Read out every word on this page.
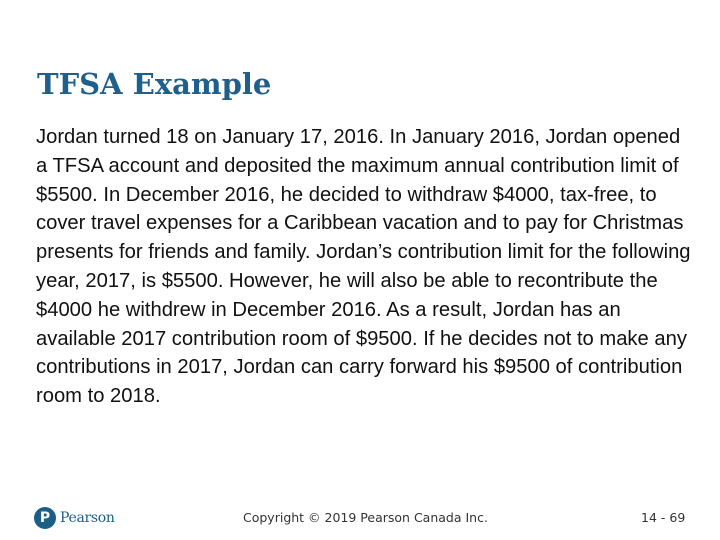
TFSA Example

Jordan turned 18 on January 17, 2016. In January 2016, Jordan opened a TFSA account and deposited the maximum annual contribution limit of $5500. In December 2016, he decided to withdraw $4000, tax-free, to cover travel expenses for a Caribbean vacation and to pay for Christmas presents for friends and family. Jordan’s contribution limit for the following year, 2017, is $5500. However, he will also be able to recontribute the $4000 he withdrew in December 2016. As a result, Jordan has an available 2017 contribution room of $9500. If he decides not to make any contributions in 2017, Jordan can carry forward his $9500 of contribution room to 2018.

P Pearson	Copyright © 2019 Pearson Canada Inc.	14 - 69
